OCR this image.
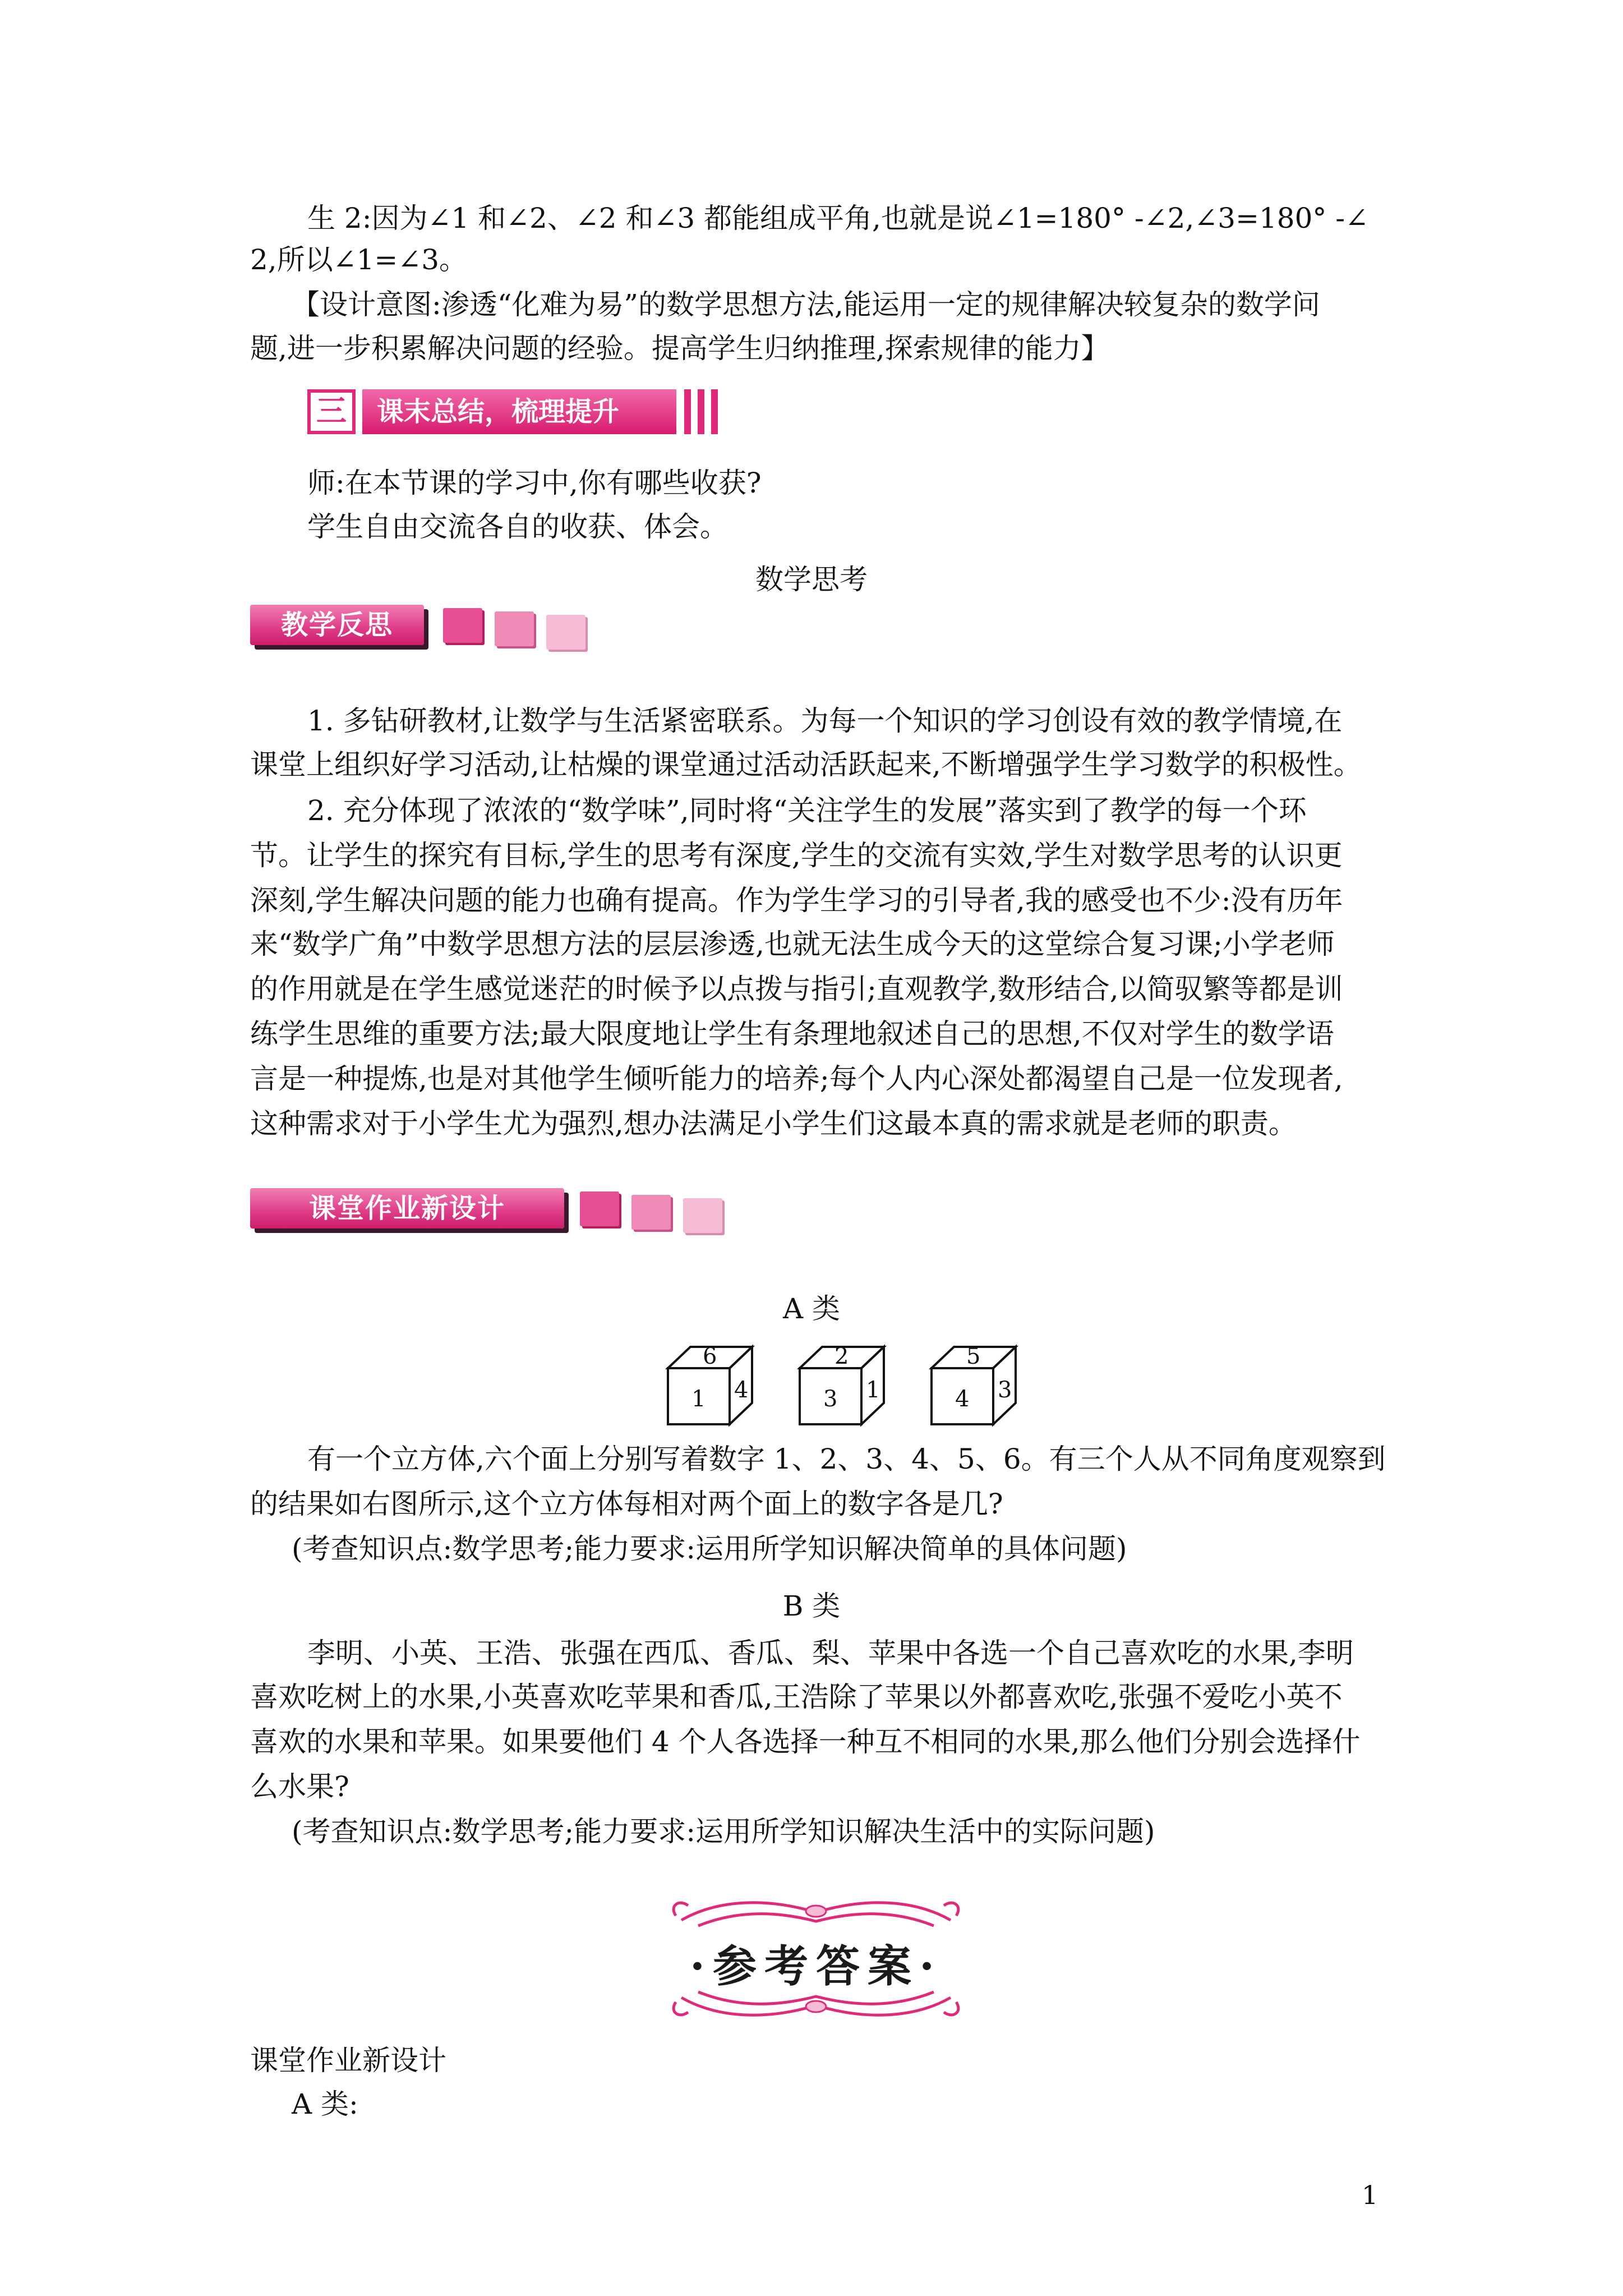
生 2:因为∠1 和∠2、∠2 和∠3 都能组成平角,也就是说∠1=180° -∠2,∠3=180° -∠
2,所以∠1=∠3。
【设计意图:渗透“化难为易”的数学思想方法,能运用一定的规律解决较复杂的数学问
题,进一步积累解决问题的经验。提高学生归纳推理,探索规律的能力】
三	课末总结，梳理提升
师:在本节课的学习中,你有哪些收获?
学生自由交流各自的收获、体会。
数学思考
教学反思
1. 多钻研教材,让数学与生活紧密联系。为每一个知识的学习创设有效的教学情境,在
课堂上组织好学习活动,让枯燥的课堂通过活动活跃起来,不断增强学生学习数学的积极性。
2. 充分体现了浓浓的“数学味”,同时将“关注学生的发展”落实到了教学的每一个环
节。让学生的探究有目标,学生的思考有深度,学生的交流有实效,学生对数学思考的认识更
深刻,学生解决问题的能力也确有提高。作为学生学习的引导者,我的感受也不少:没有历年
来“数学广角”中数学思想方法的层层渗透,也就无法生成今天的这堂综合复习课;小学老师
的作用就是在学生感觉迷茫的时候予以点拨与指引;直观教学,数形结合,以简驭繁等都是训
练学生思维的重要方法;最大限度地让学生有条理地叙述自己的思想,不仅对学生的数学语
言是一种提炼,也是对其他学生倾听能力的培养;每个人内心深处都渴望自己是一位发现者,
这种需求对于小学生尤为强烈,想办法满足小学生们这最本真的需求就是老师的职责。
课堂作业新设计
A 类
6
1 4
2
3 1
5
4 3
有一个立方体,六个面上分别写着数字 1、2、3、4、5、6。有三个人从不同角度观察到
的结果如右图所示,这个立方体每相对两个面上的数字各是几?
(考查知识点:数学思考;能力要求:运用所学知识解决简单的具体问题)
B 类
李明、小英、王浩、张强在西瓜、香瓜、梨、苹果中各选一个自己喜欢吃的水果,李明
喜欢吃树上的水果,小英喜欢吃苹果和香瓜,王浩除了苹果以外都喜欢吃,张强不爱吃小英不
喜欢的水果和苹果。如果要他们 4 个人各选择一种互不相同的水果,那么他们分别会选择什
么水果?
(考查知识点:数学思考;能力要求:运用所学知识解决生活中的实际问题)
·参考答案·
课堂作业新设计
A 类:
1
